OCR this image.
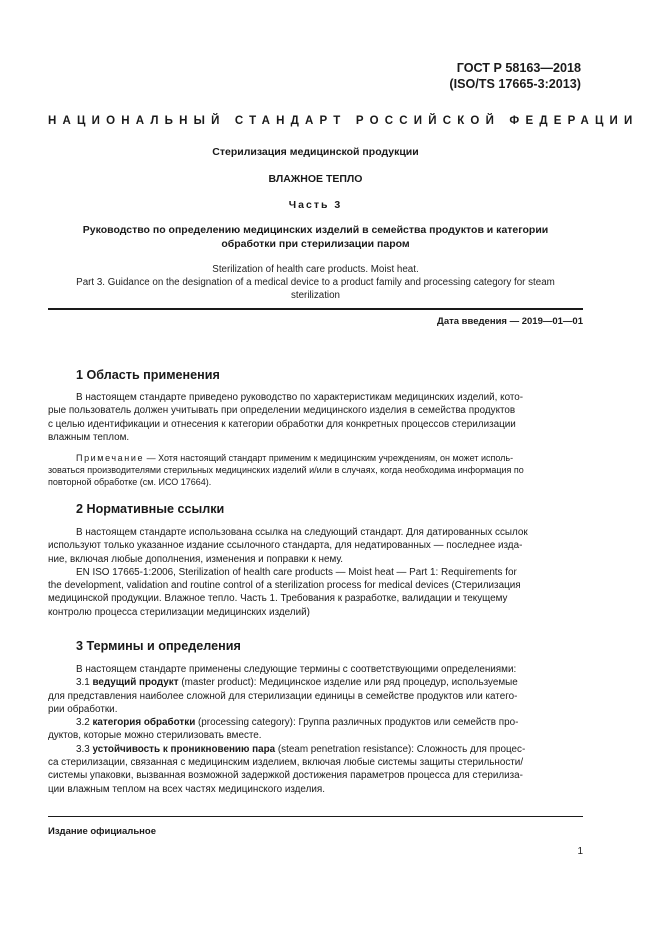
ГОСТ Р 58163—2018
(ISO/TS 17665-3:2013)
НАЦИОНАЛЬНЫЙ СТАНДАРТ РОССИЙСКОЙ ФЕДЕРАЦИИ
Стерилизация медицинской продукции
ВЛАЖНОЕ ТЕПЛО
Часть 3
Руководство по определению медицинских изделий в семейства продуктов и категории
обработки при стерилизации паром
Sterilization of health care products. Moist heat.
Part 3. Guidance on the designation of a medical device to a product family and processing category for steam
sterilization
Дата введения — 2019—01—01
1 Область применения
В настоящем стандарте приведено руководство по характеристикам медицинских изделий, кото-
рые пользователь должен учитывать при определении медицинского изделия в семейства продуктов
с целью идентификации и отнесения к категории обработки для конкретных процессов стерилизации
влажным теплом.
Примечание — Хотя настоящий стандарт применим к медицинским учреждениям, он может исполь-
зоваться производителями стерильных медицинских изделий и/или в случаях, когда необходима информация по
повторной обработке (см. ИСО 17664).
2 Нормативные ссылки
В настоящем стандарте использована ссылка на следующий стандарт. Для датированных ссылок
используют только указанное издание ссылочного стандарта, для недатированных — последнее изда-
ние, включая любые дополнения, изменения и поправки к нему.
EN ISO 17665-1:2006, Sterilization of health care products — Moist heat — Part 1: Requirements for
the development, validation and routine control of a sterilization process for medical devices (Стерилизация
медицинской продукции. Влажное тепло. Часть 1. Требования к разработке, валидации и текущему
контролю процесса стерилизации медицинских изделий)
3 Термины и определения
В настоящем стандарте применены следующие термины с соответствующими определениями:
3.1 ведущий продукт (master product): Медицинское изделие или ряд процедур, используемые
для представления наиболее сложной для стерилизации единицы в семействе продуктов или катего-
рии обработки.
3.2 категория обработки (processing category): Группа различных продуктов или семейств про-
дуктов, которые можно стерилизовать вместе.
3.3 устойчивость к проникновению пара (steam penetration resistance): Сложность для процес-
са стерилизации, связанная с медицинским изделием, включая любые системы защиты стерильности/
системы упаковки, вызванная возможной задержкой достижения параметров процесса для стерилиза-
ции влажным теплом на всех частях медицинского изделия.
Издание официальное
1
